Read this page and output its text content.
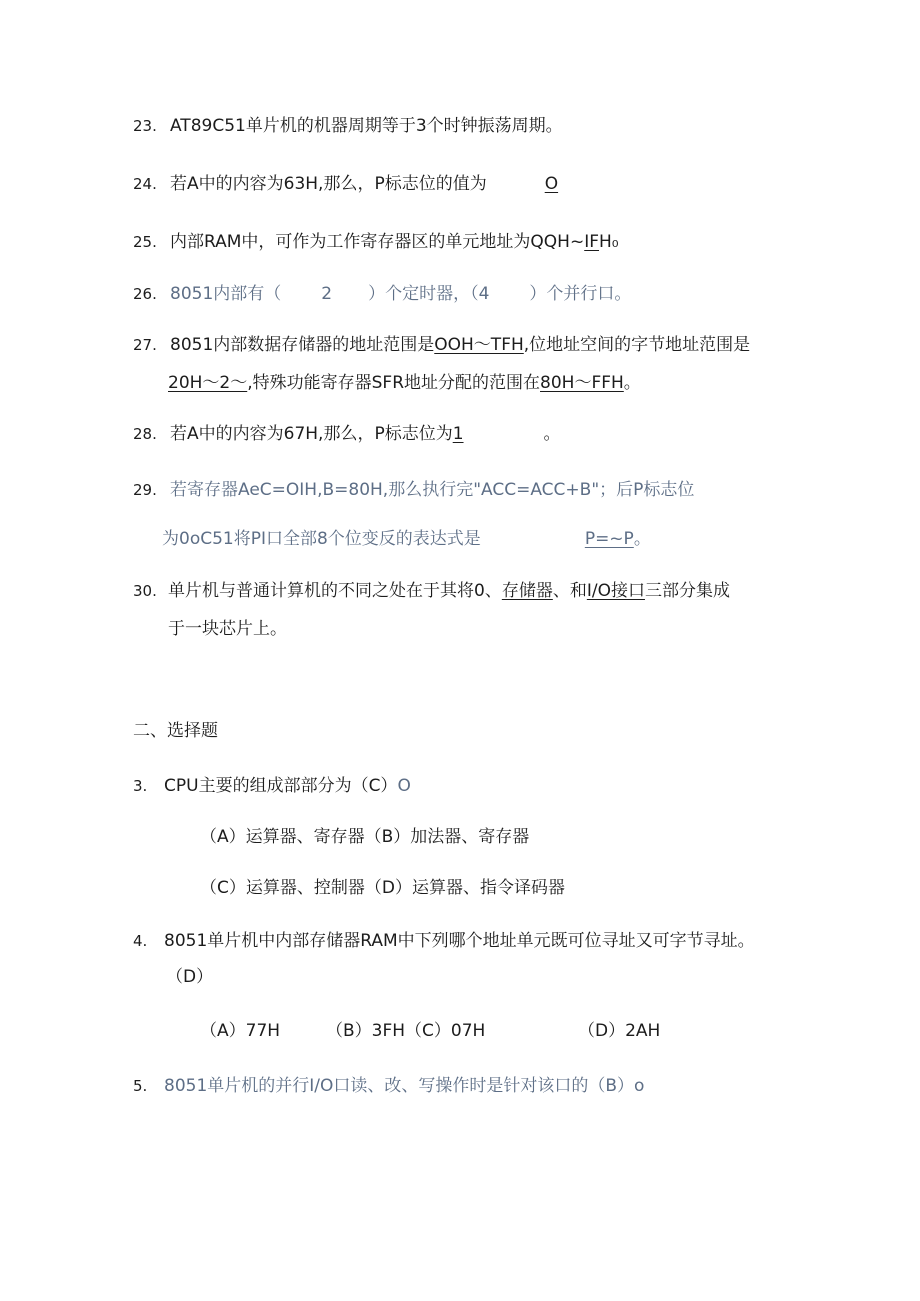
23. AT89C51单片机的机器周期等于3个时钟振荡周期。
24. 若A中的内容为63H,那么，P标志位的值为	O
25. 内部RAM中，可作为工作寄存器区的单元地址为QQH~IFH₀
26. 8051内部有（ 2 ）个定时器，（4 ）个并行口。
27. 8051内部数据存储器的地址范围是OOH～TFH,位地址空间的字节地址范围是
20H～2～,特殊功能寄存器SFR地址分配的范围在80H～FFH。
28. 若A中的内容为67H,那么，P标志位为1	。
29. 若寄存器AeC=OIH,B=80H,那么执行完"ACC=ACC+B"；后P标志位
为0oC51将PI口全部8个位变反的表达式是	P=~P。
30. 单片机与普通计算机的不同之处在于其将0、存储器、和I/O接口三部分集成
于一块芯片上。
二、选择题
3. CPU主要的组成部部分为（C）O
（A）运算器、寄存器（B）加法器、寄存器
（C）运算器、控制器（D）运算器、指令译码器
4. 8051单片机中内部存储器RAM中下列哪个地址单元既可位寻址又可字节寻址。
（D）
（A）77H	（B）3FH（C）07H	（D）2AH
5. 8051单片机的并行I/O口读、改、写操作时是针对该口的（B）o
